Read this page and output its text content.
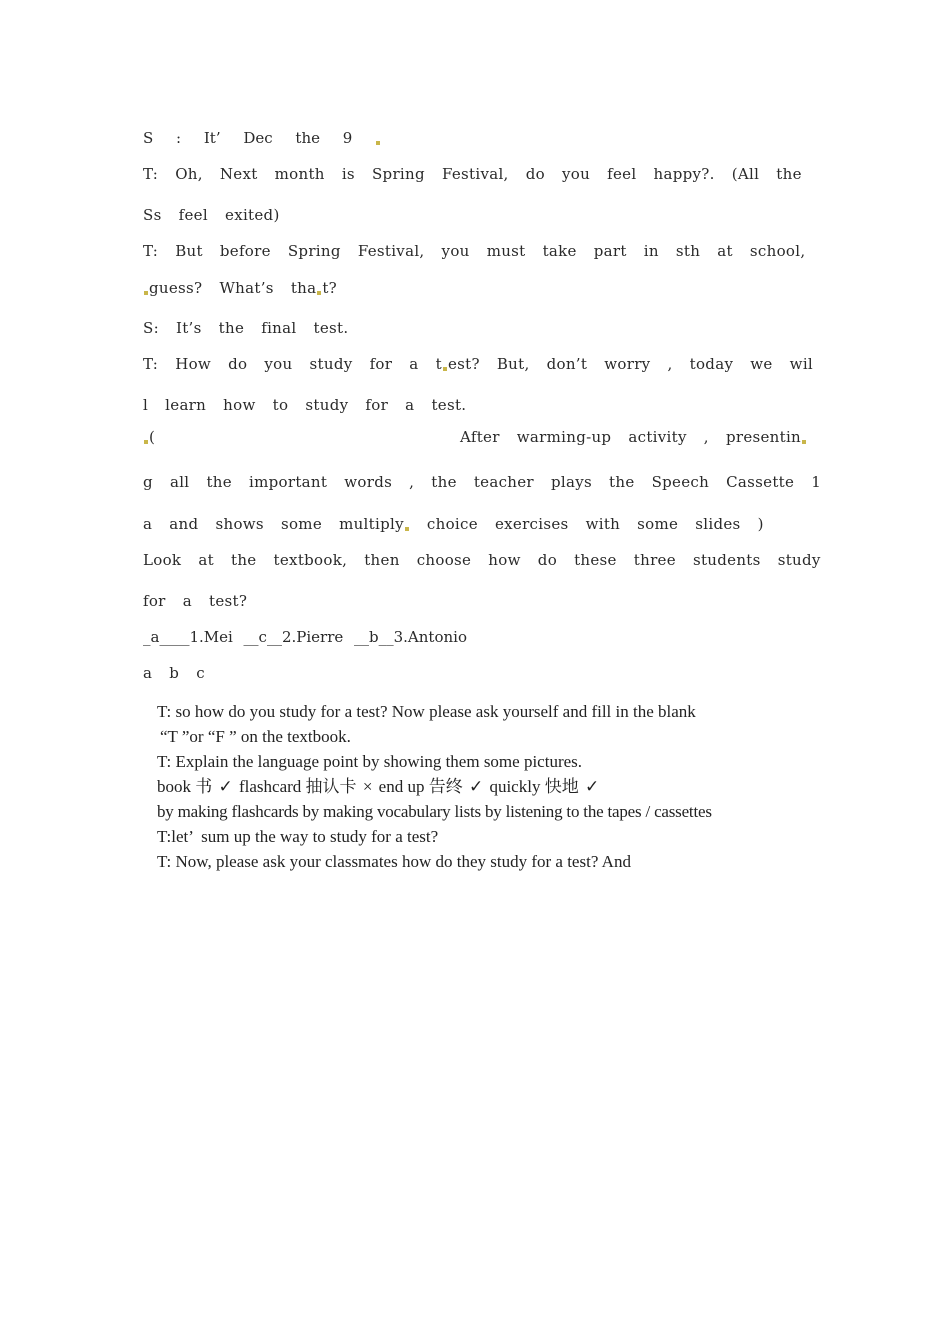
S : It’ Dec the 9
T: Oh, Next month is Spring Festival, do you feel happy?. (All the
Ss feel exited)
T: But before Spring Festival, you must take part in sth at school,
guess? What’s tha t?
S: It’s the final test.
T: How do you study for a t est? But, don’t worry , today we wil
l learn how to study for a test.
(	After warming-up activity , presentin
g all the important words , the teacher plays the Speech Cassette 1
a and shows some multiply choice exercises with some slides )
Look at the textbook, then choose how do these three students study
for a test?
_a____1.Mei __c__2.Pierre __b__3.Antonio
a b c
T: so how do you study for a test? Now please ask yourself and fill in the blank
“T ”or “F ” on the textbook.
T: Explain the language point by showing them some pictures.
book 书 ✓ flashcard 抽认卡 × end up 告终 ✓ quickly 快地 ✓
by making flashcards by making vocabulary lists by listening to the tapes / cassettes
T:let’  sum up the way to study for a test?
T: Now, please ask your classmates how do they study for a test? And
